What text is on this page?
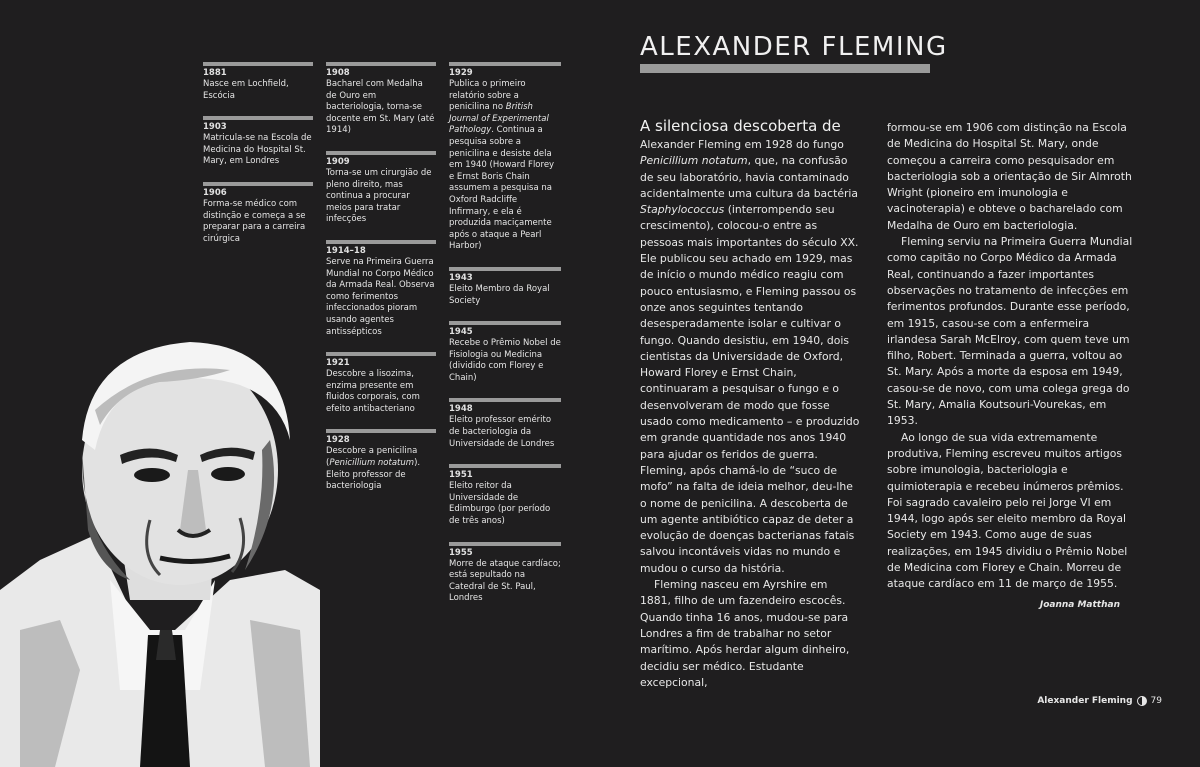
1881
Nasce em Lochfield, Escócia
1903
Matricula-se na Escola de Medicina do Hospital St. Mary, em Londres
1906
Forma-se médico com distinção e começa a se preparar para a carreira cirúrgica
1908
Bacharel com Medalha de Ouro em bacteriologia, torna-se docente em St. Mary (até 1914)
1909
Torna-se um cirurgião de pleno direito, mas continua a procurar meios para tratar infecções
1914–18
Serve na Primeira Guerra Mundial no Corpo Médico da Armada Real. Observa como ferimentos infeccionados pioram usando agentes antissépticos
1921
Descobre a lisozima, enzima presente em fluidos corporais, com efeito antibacteriano
1928
Descobre a penicilina (Penicillium notatum). Eleito professor de bacteriologia
1929
Publica o primeiro relatório sobre a penicilina no British Journal of Experimental Pathology. Continua a pesquisa sobre a penicilina e desiste dela em 1940 (Howard Florey e Ernst Boris Chain assumem a pesquisa na Oxford Radcliffe Infirmary, e ela é produzida maciçamente após o ataque a Pearl Harbor)
1943
Eleito Membro da Royal Society
1945
Recebe o Prêmio Nobel de Fisiologia ou Medicina (dividido com Florey e Chain)
1948
Eleito professor emérito de bacteriologia da Universidade de Londres
1951
Eleito reitor da Universidade de Edimburgo (por período de três anos)
1955
Morre de ataque cardíaco; está sepultado na Catedral de St. Paul, Londres
ALEXANDER FLEMING
A silenciosa descoberta de

Alexander Fleming em 1928 do fungo Penicillium notatum, que, na confusão de seu laboratório, havia contaminado acidentalmente uma cultura da bactéria Staphylococcus (interrompendo seu crescimento), colocou-o entre as pessoas mais importantes do século XX. Ele publicou seu achado em 1929, mas de início o mundo médico reagiu com pouco entusiasmo, e Fleming passou os onze anos seguintes tentando desesperadamente isolar e cultivar o fungo. Quando desistiu, em 1940, dois cientistas da Universidade de Oxford, Howard Florey e Ernst Chain, continuaram a pesquisar o fungo e o desenvolveram de modo que fosse usado como medicamento – e produzido em grande quantidade nos anos 1940 para ajudar os feridos de guerra. Fleming, após chamá-lo de “suco de mofo” na falta de ideia melhor, deu-lhe o nome de penicilina. A descoberta de um agente antibiótico capaz de deter a evolução de doenças bacterianas fatais salvou incontáveis vidas no mundo e mudou o curso da história.

Fleming nasceu em Ayrshire em 1881, filho de um fazendeiro escocês. Quando tinha 16 anos, mudou-se para Londres a fim de trabalhar no setor marítimo. Após herdar algum dinheiro, decidiu ser médico. Estudante excepcional,

formou-se em 1906 com distinção na Escola de Medicina do Hospital St. Mary, onde começou a carreira como pesquisador em bacteriologia sob a orientação de Sir Almroth Wright (pioneiro em imunologia e vacinoterapia) e obteve o bacharelado com Medalha de Ouro em bacteriologia.

Fleming serviu na Primeira Guerra Mundial como capitão no Corpo Médico da Armada Real, continuando a fazer importantes observações no tratamento de infecções em ferimentos profundos. Durante esse período, em 1915, casou-se com a enfermeira irlandesa Sarah McElroy, com quem teve um filho, Robert. Terminada a guerra, voltou ao St. Mary. Após a morte da esposa em 1949, casou-se de novo, com uma colega grega do St. Mary, Amalia Koutsouri-Vourekas, em 1953.

Ao longo de sua vida extremamente produtiva, Fleming escreveu muitos artigos sobre imunologia, bacteriologia e quimioterapia e recebeu inúmeros prêmios. Foi sagrado cavaleiro pelo rei Jorge VI em 1944, logo após ser eleito membro da Royal Society em 1943. Como auge de suas realizações, em 1945 dividiu o Prêmio Nobel de Medicina com Florey e Chain. Morreu de ataque cardíaco em 11 de março de 1955.

Joanna Matthan
Alexander Fleming 79
